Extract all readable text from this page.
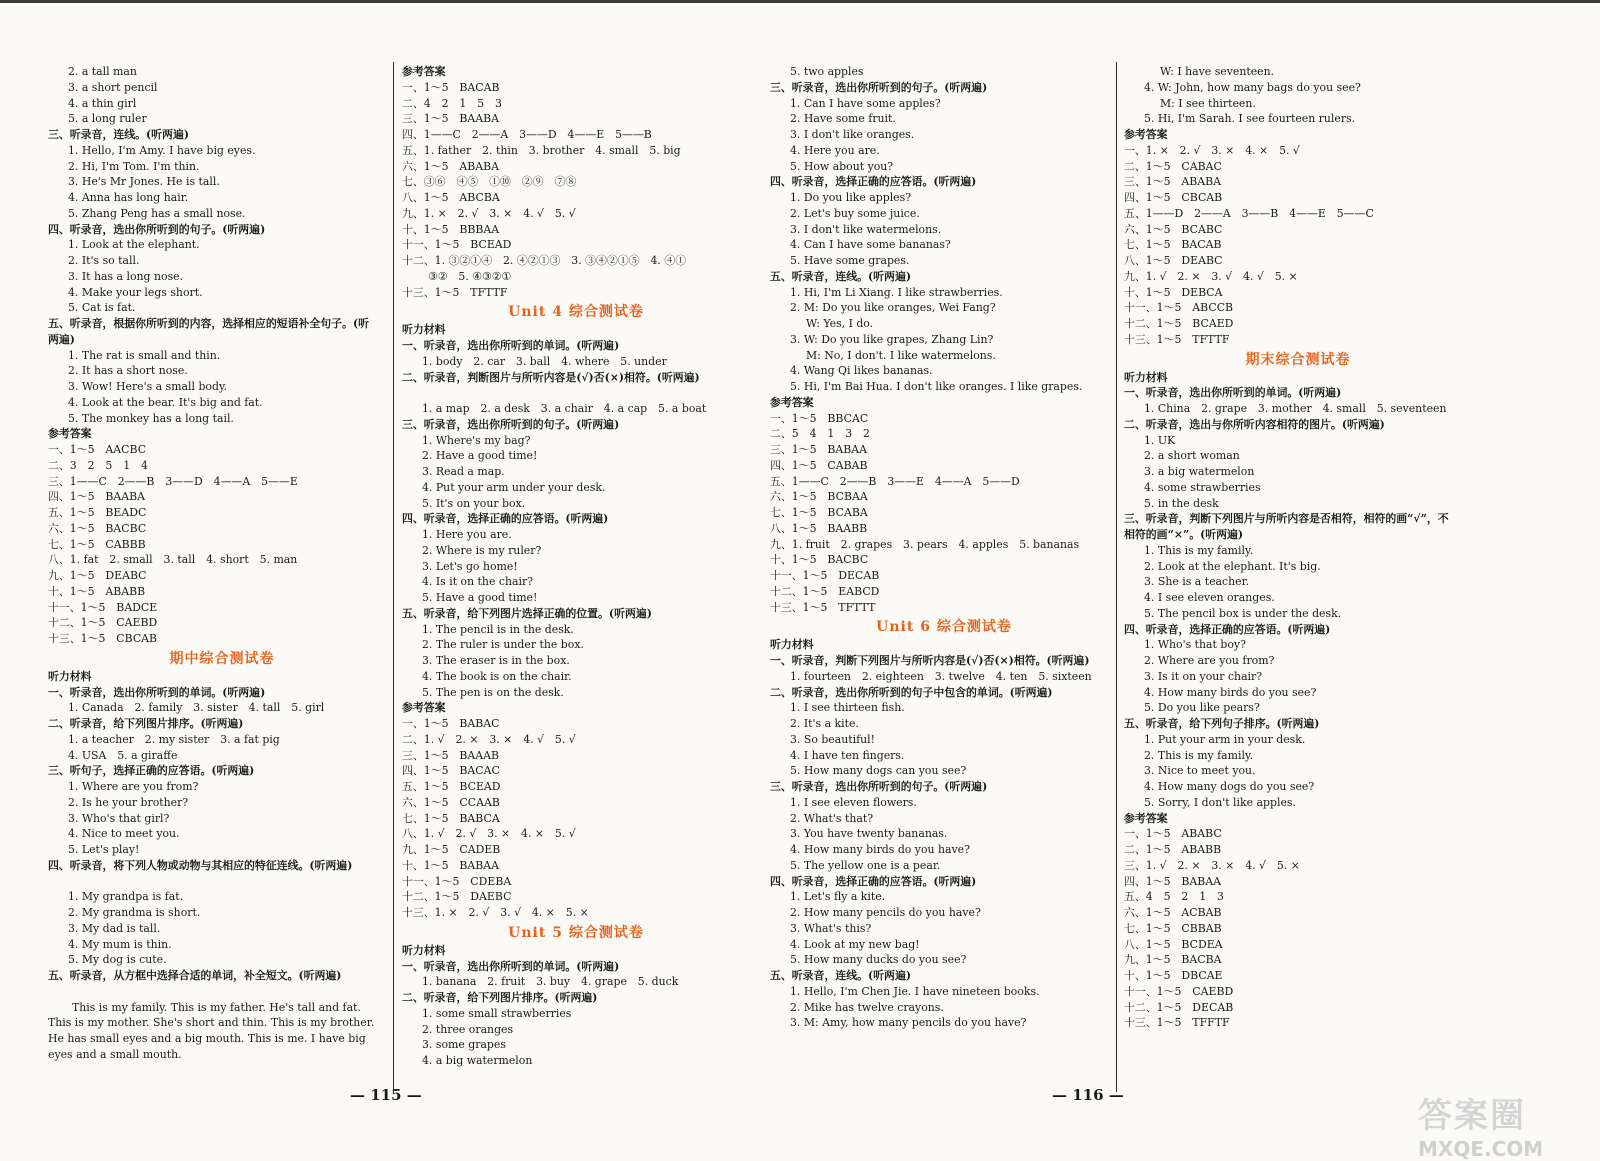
2. a tall man
3. a short pencil
4. a thin girl
5. a long ruler
三、听录音，连线。(听两遍)
1. Hello, I'm Amy. I have big eyes.
2. Hi, I'm Tom. I'm thin.
3. He's Mr Jones. He is tall.
4. Anna has long hair.
5. Zhang Peng has a small nose.
四、听录音，选出你所听到的句子。(听两遍)
1. Look at the elephant.
2. It's so tall.
3. It has a long nose.
4. Make your legs short.
5. Cat is fat.
五、听录音，根据你所听到的内容，选择相应的短语补全句子。(听两遍)
1. The rat is small and thin.
2. It has a short nose.
3. Wow! Here's a small body.
4. Look at the bear. It's big and fat.
5. The monkey has a long tail.
参考答案
一、1～5　AACBC
二、3　2　5　1　4
三、1——C　2——B　3——D　4——A　5——E
四、1～5　BAABA
五、1～5　BEADC
六、1～5　BACBC
七、1～5　CABBB
八、1. fat　2. small　3. tall　4. short　5. man
九、1～5　DEABC
十、1～5　ABABB
十一、1～5　BADCE
十二、1～5　CAEBD
十三、1～5　CBCAB
期中综合测试卷
听力材料
一、听录音，选出你所听到的单词。(听两遍)
1. Canada　2. family　3. sister　4. tall　5. girl
二、听录音，给下列图片排序。(听两遍)
1. a teacher　2. my sister　3. a fat pig
4. USA　5. a giraffe
三、听句子，选择正确的应答语。(听两遍)
1. Where are you from?
2. Is he your brother?
3. Who's that girl?
4. Nice to meet you.
5. Let's play!
四、听录音，将下列人物或动物与其相应的特征连线。(听两遍)
1. My grandpa is fat.
2. My grandma is short.
3. My dad is tall.
4. My mum is thin.
5. My dog is cute.
五、听录音，从方框中选择合适的单词，补全短文。(听两遍)
This is my family. This is my father. He's tall and fat. This is my mother. She's short and thin. This is my brother. He has small eyes and a big mouth. This is me. I have big eyes and a small mouth.
参考答案
一、1～5　BACAB
二、4　2　1　5　3
三、1～5　BAABA
四、1——C　2——A　3——D　4——E　5——B
五、1. father　2. thin　3. brother　4. small　5. big
六、1～5　ABABA
七、③⑥　④⑤　①⑩　②⑨　⑦⑧
八、1～5　ABCBA
九、1. ×　2. √　3. ×　4. √　5. √
十、1～5　BBBAA
十一、1～5　BCEAD
十二、1. ③②①④　2. ④②①③　3. ③④②①⑤　4. ④①
③②　5. ④③②①
十三、1～5　TFTTF
Unit 4 综合测试卷
听力材料
一、听录音，选出你所听到的单词。(听两遍)
1. body　2. car　3. ball　4. where　5. under
二、听录音，判断图片与所听内容是(√)否(×)相符。(听两遍)
1. a map　2. a desk　3. a chair　4. a cap　5. a boat
三、听录音，选出你所听到的句子。(听两遍)
1. Where's my bag?
2. Have a good time!
3. Read a map.
4. Put your arm under your desk.
5. It's on your box.
四、听录音，选择正确的应答语。(听两遍)
1. Here you are.
2. Where is my ruler?
3. Let's go home!
4. Is it on the chair?
5. Have a good time!
五、听录音，给下列图片选择正确的位置。(听两遍)
1. The pencil is in the desk.
2. The ruler is under the box.
3. The eraser is in the box.
4. The book is on the chair.
5. The pen is on the desk.
参考答案
一、1～5　BABAC
二、1. √　2. ×　3. ×　4. √　5. √
三、1～5　BAAAB
四、1～5　BACAC
五、1～5　BCEAD
六、1～5　CCAAB
七、1～5　BABCA
八、1. √　2. √　3. ×　4. ×　5. √
九、1～5　CADEB
十、1～5　BABAA
十一、1～5　CDEBA
十二、1～5　DAEBC
十三、1. ×　2. √　3. √　4. ×　5. ×
Unit 5 综合测试卷
听力材料
一、听录音，选出你所听到的单词。(听两遍)
1. banana　2. fruit　3. buy　4. grape　5. duck
二、听录音，给下列图片排序。(听两遍)
1. some small strawberries
2. three oranges
3. some grapes
4. a big watermelon
5. two apples
三、听录音，选出你所听到的句子。(听两遍)
1. Can I have some apples?
2. Have some fruit.
3. I don't like oranges.
4. Here you are.
5. How about you?
四、听录音，选择正确的应答语。(听两遍)
1. Do you like apples?
2. Let's buy some juice.
3. I don't like watermelons.
4. Can I have some bananas?
5. Have some grapes.
五、听录音，连线。(听两遍)
1. Hi, I'm Li Xiang. I like strawberries.
2. M: Do you like oranges, Wei Fang?
W: Yes, I do.
3. W: Do you like grapes, Zhang Lin?
M: No, I don't. I like watermelons.
4. Wang Qi likes bananas.
5. Hi, I'm Bai Hua. I don't like oranges. I like grapes.
参考答案
一、1～5　BBCAC
二、5　4　1　3　2
三、1～5　BABAA
四、1～5　CABAB
五、1——C　2——B　3——E　4——A　5——D
六、1～5　BCBAA
七、1～5　BCABA
八、1～5　BAABB
九、1. fruit　2. grapes　3. pears　4. apples　5. bananas
十、1～5　BACBC
十一、1～5　DECAB
十二、1～5　EABCD
十三、1～5　TFTTT
Unit 6 综合测试卷
听力材料
一、听录音，判断下列图片与所听内容是(√)否(×)相符。(听两遍)
1. fourteen　2. eighteen　3. twelve　4. ten　5. sixteen
二、听录音，选出你所听到的句子中包含的单词。(听两遍)
1. I see thirteen fish.
2. It's a kite.
3. So beautiful!
4. I have ten fingers.
5. How many dogs can you see?
三、听录音，选出你所听到的句子。(听两遍)
1. I see eleven flowers.
2. What's that?
3. You have twenty bananas.
4. How many birds do you have?
5. The yellow one is a pear.
四、听录音，选择正确的应答语。(听两遍)
1. Let's fly a kite.
2. How many pencils do you have?
3. What's this?
4. Look at my new bag!
5. How many ducks do you see?
五、听录音，连线。(听两遍)
1. Hello, I'm Chen Jie. I have nineteen books.
2. Mike has twelve crayons.
3. M: Amy, how many pencils do you have?
W: I have seventeen.
4. W: John, how many bags do you see?
M: I see thirteen.
5. Hi, I'm Sarah. I see fourteen rulers.
参考答案
一、1. ×　2. √　3. ×　4. ×　5. √
二、1～5　CABAC
三、1～5　ABABA
四、1～5　CBCAB
五、1——D　2——A　3——B　4——E　5——C
六、1～5　BCABC
七、1～5　BACAB
八、1～5　DEABC
九、1. √　2. ×　3. √　4. √　5. ×
十、1～5　DEBCA
十一、1～5　ABCCB
十二、1～5　BCAED
十三、1～5　TFTTF
期末综合测试卷
听力材料
一、听录音，选出你所听到的单词。(听两遍)
1. China　2. grape　3. mother　4. small　5. seventeen
二、听录音，选出与你所听内容相符的图片。(听两遍)
1. UK
2. a short woman
3. a big watermelon
4. some strawberries
5. in the desk
三、听录音，判断下列图片与所听内容是否相符，相符的画“√”，不相符的画“×”。(听两遍)
1. This is my family.
2. Look at the elephant. It's big.
3. She is a teacher.
4. I see eleven oranges.
5. The pencil box is under the desk.
四、听录音，选择正确的应答语。(听两遍)
1. Who's that boy?
2. Where are you from?
3. Is it on your chair?
4. How many birds do you see?
5. Do you like pears?
五、听录音，给下列句子排序。(听两遍)
1. Put your arm in your desk.
2. This is my family.
3. Nice to meet you.
4. How many dogs do you see?
5. Sorry, I don't like apples.
参考答案
一、1～5　ABABC
二、1～5　ABABB
三、1. √　2. ×　3. ×　4. √　5. ×
四、1～5　BABAA
五、4　5　2　1　3
六、1～5　ACBAB
七、1～5　CBBAB
八、1～5　BCDEA
九、1～5　BACBA
十、1～5　DBCAE
十一、1～5　CAEBD
十二、1～5　DECAB
十三、1～5　TFFTF
— 115 —	— 116 —
答案圈
MXQE.COM
